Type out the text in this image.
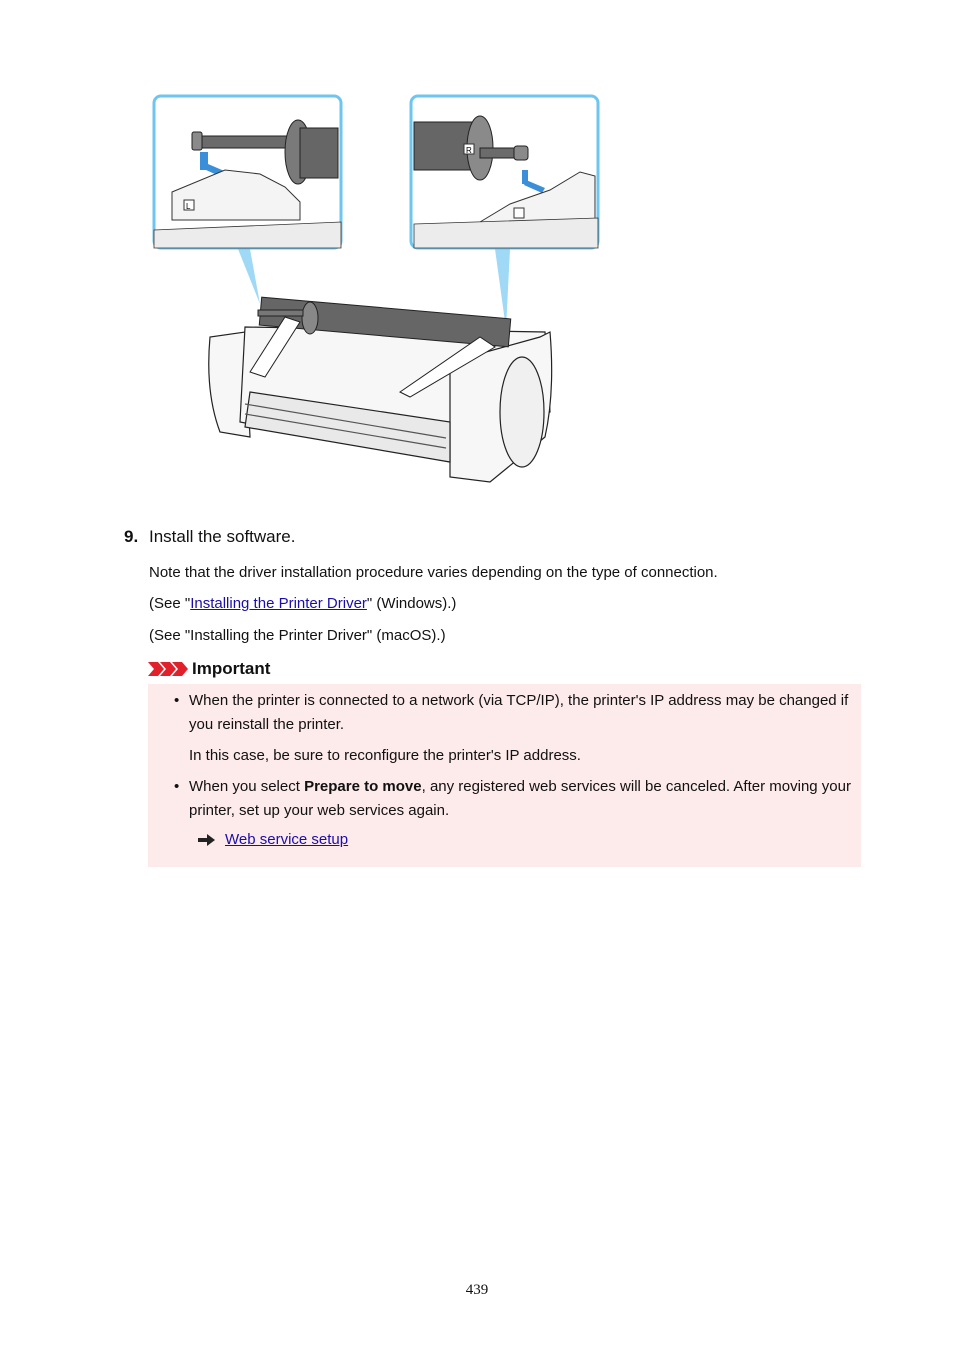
L
R
9. Install the software.
Note that the driver installation procedure varies depending on the type of connection.
(See "Installing the Printer Driver" (Windows).)
(See "Installing the Printer Driver" (macOS).)
Important
• When the printer is connected to a network (via TCP/IP), the printer's IP address may be changed if you reinstall the printer.
In this case, be sure to reconfigure the printer's IP address.
• When you select Prepare to move, any registered web services will be canceled. After moving your printer, set up your web services again.
Web service setup
439
